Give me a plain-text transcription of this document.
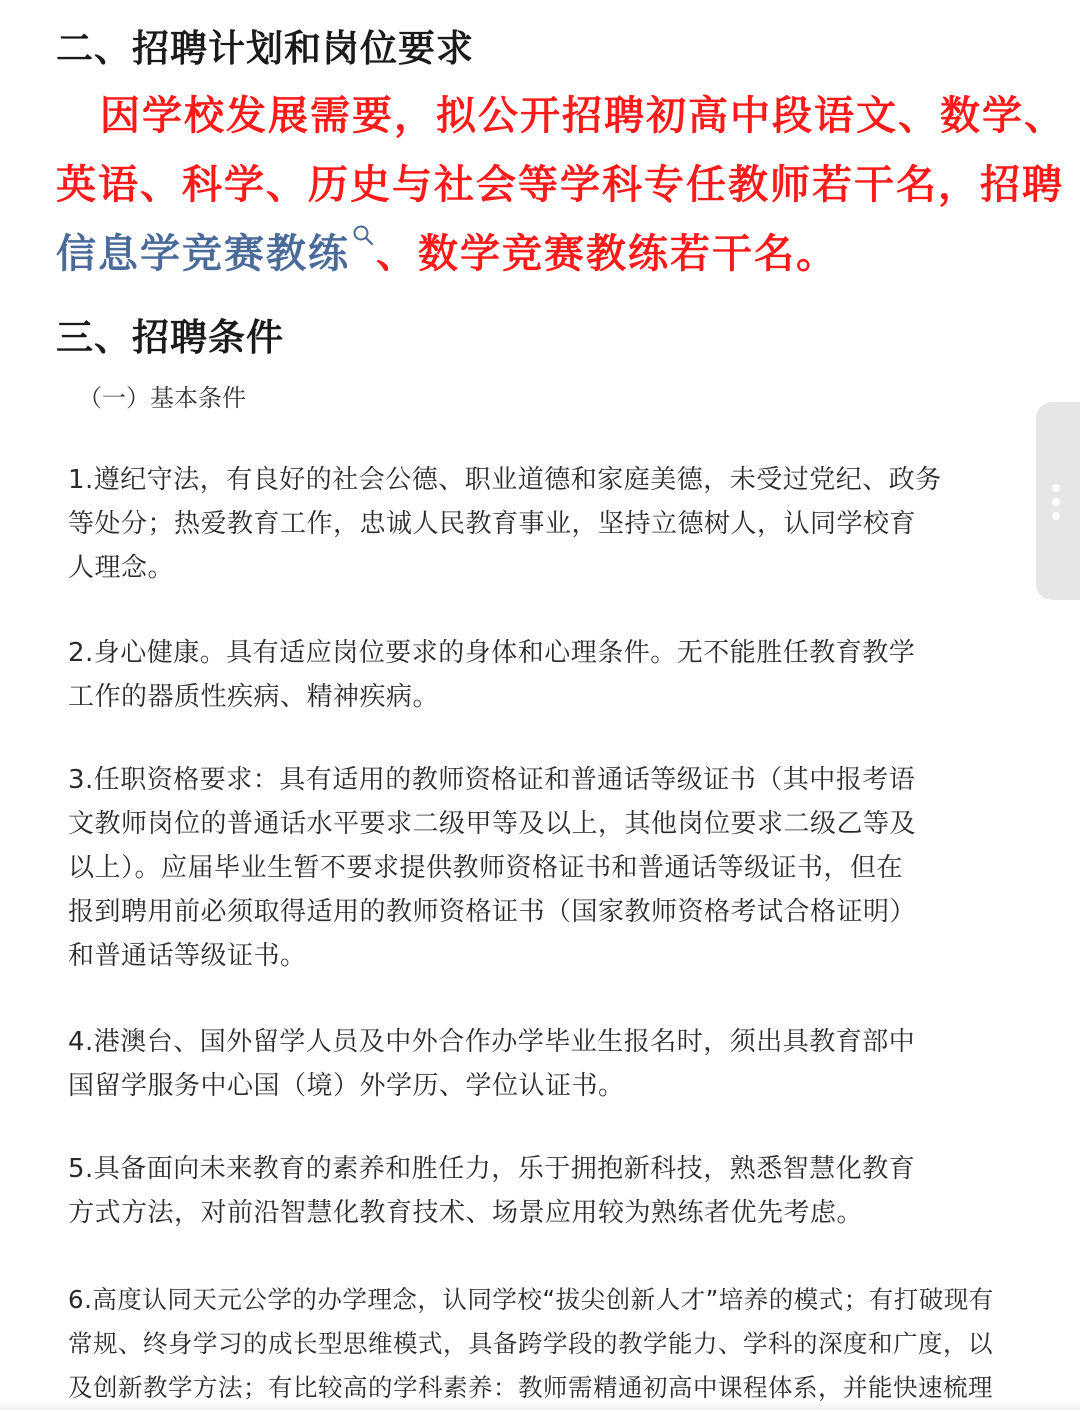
二、招聘计划和岗位要求

因学校发展需要，拟公开招聘初高中段语文、数学、
英语、科学、历史与社会等学科专任教师若干名，招聘
信息学竞赛教练 、数学竞赛教练若干名。

三、招聘条件
（一）基本条件

1.遵纪守法，有良好的社会公德、职业道德和家庭美德，未受过党纪、政务
等处分；热爱教育工作，忠诚人民教育事业，坚持立德树人，认同学校育
人理念。

2.身心健康。具有适应岗位要求的身体和心理条件。无不能胜任教育教学
工作的器质性疾病、精神疾病。

3.任职资格要求：具有适用的教师资格证和普通话等级证书（其中报考语
文教师岗位的普通话水平要求二级甲等及以上，其他岗位要求二级乙等及
以上）。应届毕业生暂不要求提供教师资格证书和普通话等级证书，但在
报到聘用前必须取得适用的教师资格证书（国家教师资格考试合格证明）
和普通话等级证书。

4.港澳台、国外留学人员及中外合作办学毕业生报名时，须出具教育部中
国留学服务中心国（境）外学历、学位认证书。

5.具备面向未来教育的素养和胜任力，乐于拥抱新科技，熟悉智慧化教育
方式方法，对前沿智慧化教育技术、场景应用较为熟练者优先考虑。

6.高度认同天元公学的办学理念，认同学校“拔尖创新人才”培养的模式；有打破现有
常规、终身学习的成长型思维模式，具备跨学段的教学能力、学科的深度和广度，以
及创新教学方法；有比较高的学科素养：教师需精通初高中课程体系，并能快速梳理
